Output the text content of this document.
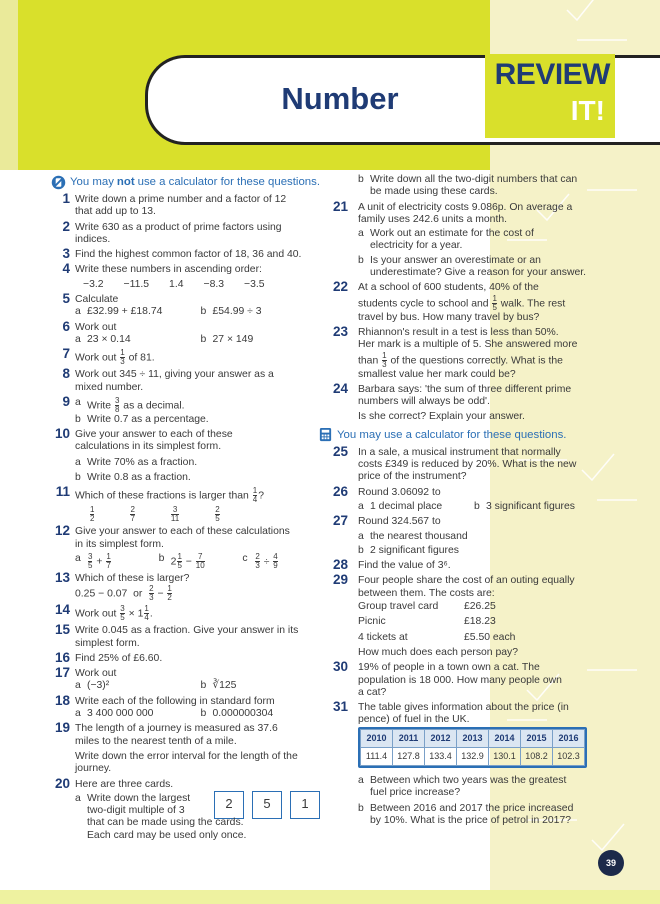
Number
REVIEW
IT!
You may not use a calculator for these questions.
1 Write down a prime number and a factor of 12
that add up to 13.
2 Write 630 as a product of prime factors using
indices.
3 Find the highest common factor of 18, 36 and 40.
4 Write these numbers in ascending order:
−3.2 −11.5 1.4 −8.3 −3.5
5 Calculate
a £32.99 + £18.74	b £54.99 ÷ 3
6 Work out
a 23 × 0.14	b 27 × 149
7 Work out $\frac{1}{3}$ of 81.
8 Work out 345 ÷ 11, giving your answer as a
mixed number.
9 a Write $\frac{3}{8}$ as a decimal.
b Write 0.7 as a percentage.
10 Give your answer to each of these
calculations in its simplest form.
a Write 70% as a fraction.
b Write 0.8 as a fraction.
11 Which of these fractions is larger than $\frac{1}{4}$ ?
$\frac{1}{2}$	$\frac{2}{7}$	$\frac{3}{11}$	$\frac{2}{5}$
12 Give your answer to each of these calculations
in its simplest form.
a $\frac{3}{5} + \frac{1}{7}$	b $2 \frac{1}{5} - \frac{7}{10}$	c $\frac{2}{3} \div \frac{4}{9}$
13 Which of these is larger?
0.25 − 0.07 or $\frac{2}{3} - \frac{1}{2}$
14 Work out $\frac{3}{5} \times 1 \frac{1}{4}$ .
15 Write 0.045 as a fraction. Give your answer in its
simplest form.
16 Find 25% of £6.60.
17 Work out
a (−3)²	b ∛125
18 Write each of the following in standard form
a 3 400 000 000	b 0.000000304
19 The length of a journey is measured as 37.6
miles to the nearest tenth of a mile.
Write down the error interval for the length of the
journey.
20 Here are three cards.
2	5	1
a Write down the largest
two-digit multiple of 3
that can be made using the cards.
Each card may be used only once.
b Write down all the two-digit numbers that can
be made using these cards.
21 A unit of electricity costs 9.086p. On average a
family uses 242.6 units a month.
a Work out an estimate for the cost of
electricity for a year.
b Is your answer an overestimate or an
underestimate? Give a reason for your answer.
22 At a school of 600 students, 40% of the
students cycle to school and $\frac{1}{5}$ walk. The rest
travel by bus. How many travel by bus?
23 Rhiannon's result in a test is less than 50%.
Her mark is a multiple of 5. She answered more
than $\frac{1}{3}$ of the questions correctly. What is the
smallest value her mark could be?
24 Barbara says: 'the sum of three different prime
numbers will always be odd'.
Is she correct? Explain your answer.
You may use a calculator for these questions.
25 In a sale, a musical instrument that normally
costs £349 is reduced by 20%. What is the new
price of the instrument?
26 Round 3.06092 to
a 1 decimal place	b 3 significant figures
27 Round 324.567 to
a the nearest thousand
b 2 significant figures
28 Find the value of 3⁶.
29 Four people share the cost of an outing equally
between them. The costs are:
Group travel card	£26.25
Picnic	£18.23
4 tickets at	£5.50 each
How much does each person pay?
30 19% of people in a town own a cat. The
population is 18 000. How many people own
a cat?
31 The table gives information about the price (in
pence) of fuel in the UK.
2010	2011	2012	2013	2014	2015	2016
111.4	127.8	133.4	132.9	130.1	108.2	102.3
a Between which two years was the greatest
fuel price increase?
b Between 2016 and 2017 the price increased
by 10%. What is the price of petrol in 2017?
39
